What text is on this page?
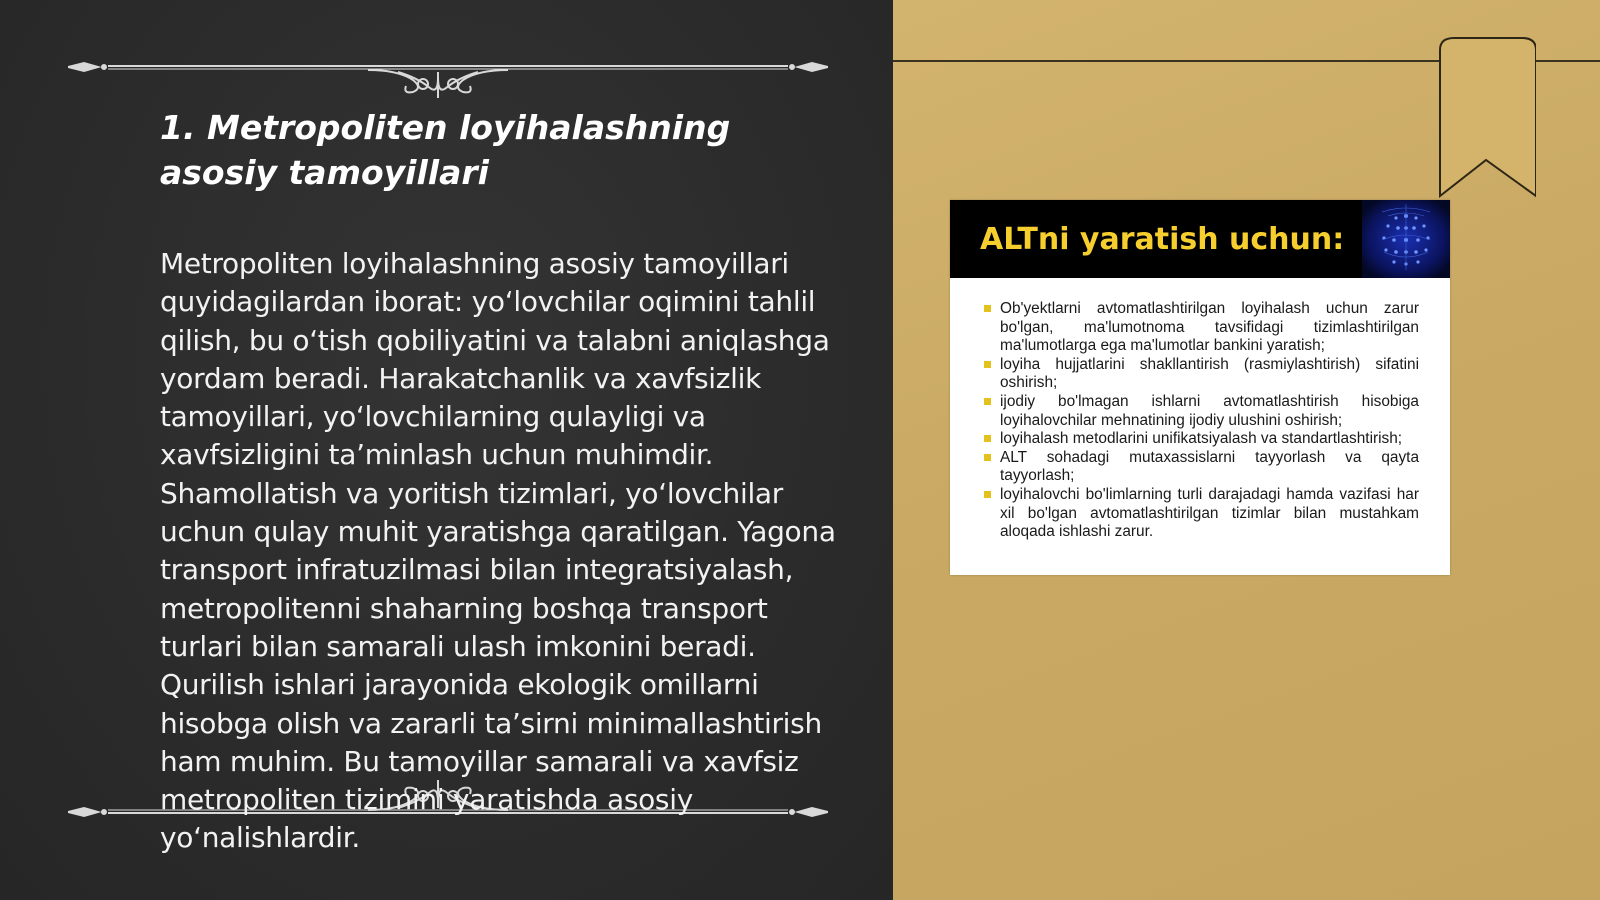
1. Metropoliten loyihalashning asosiy tamoyillari

Metropoliten loyihalashning asosiy tamoyillari quyidagilardan iborat: yo‘lovchilar oqimini tahlil qilish, bu o‘tish qobiliyatini va talabni aniqlashga yordam beradi. Harakatchanlik va xavfsizlik tamoyillari, yo‘lovchilarning qulayligi va xavfsizligini ta’minlash uchun muhimdir. Shamollatish va yoritish tizimlari, yo‘lovchilar uchun qulay muhit yaratishga qaratilgan. Yagona transport infratuzilmasi bilan integratsiyalash, metropolitenni shaharning boshqa transport turlari bilan samarali ulash imkonini beradi. Qurilish ishlari jarayonida ekologik omillarni hisobga olish va zararli ta’sirni minimallashtirish ham muhim. Bu tamoyillar samarali va xavfsiz metropoliten tizimini yaratishda asosiy yo‘nalishlardir.

ALTni yaratish uchun:
Ob'yektlarni avtomatlashtirilgan loyihalash uchun zarur bo'lgan, ma'lumotnoma tavsifidagi tizimlashtirilgan ma'lumotlarga ega ma'lumotlar bankini yaratish;
loyiha hujjatlarini shakllantirish (rasmiylashtirish) sifatini oshirish;
ijodiy bo'lmagan ishlarni avtomatlashtirish hisobiga loyihalovchilar mehnatining ijodiy ulushini oshirish;
loyihalash metodlarini unifikatsiyalash va standartlashtirish;
ALT sohadagi mutaxassislarni tayyorlash va qayta tayyorlash;
loyihalovchi bo'limlarning turli darajadagi hamda vazifasi har xil bo'lgan avtomatlashtirilgan tizimlar bilan mustahkam aloqada ishlashi zarur.
